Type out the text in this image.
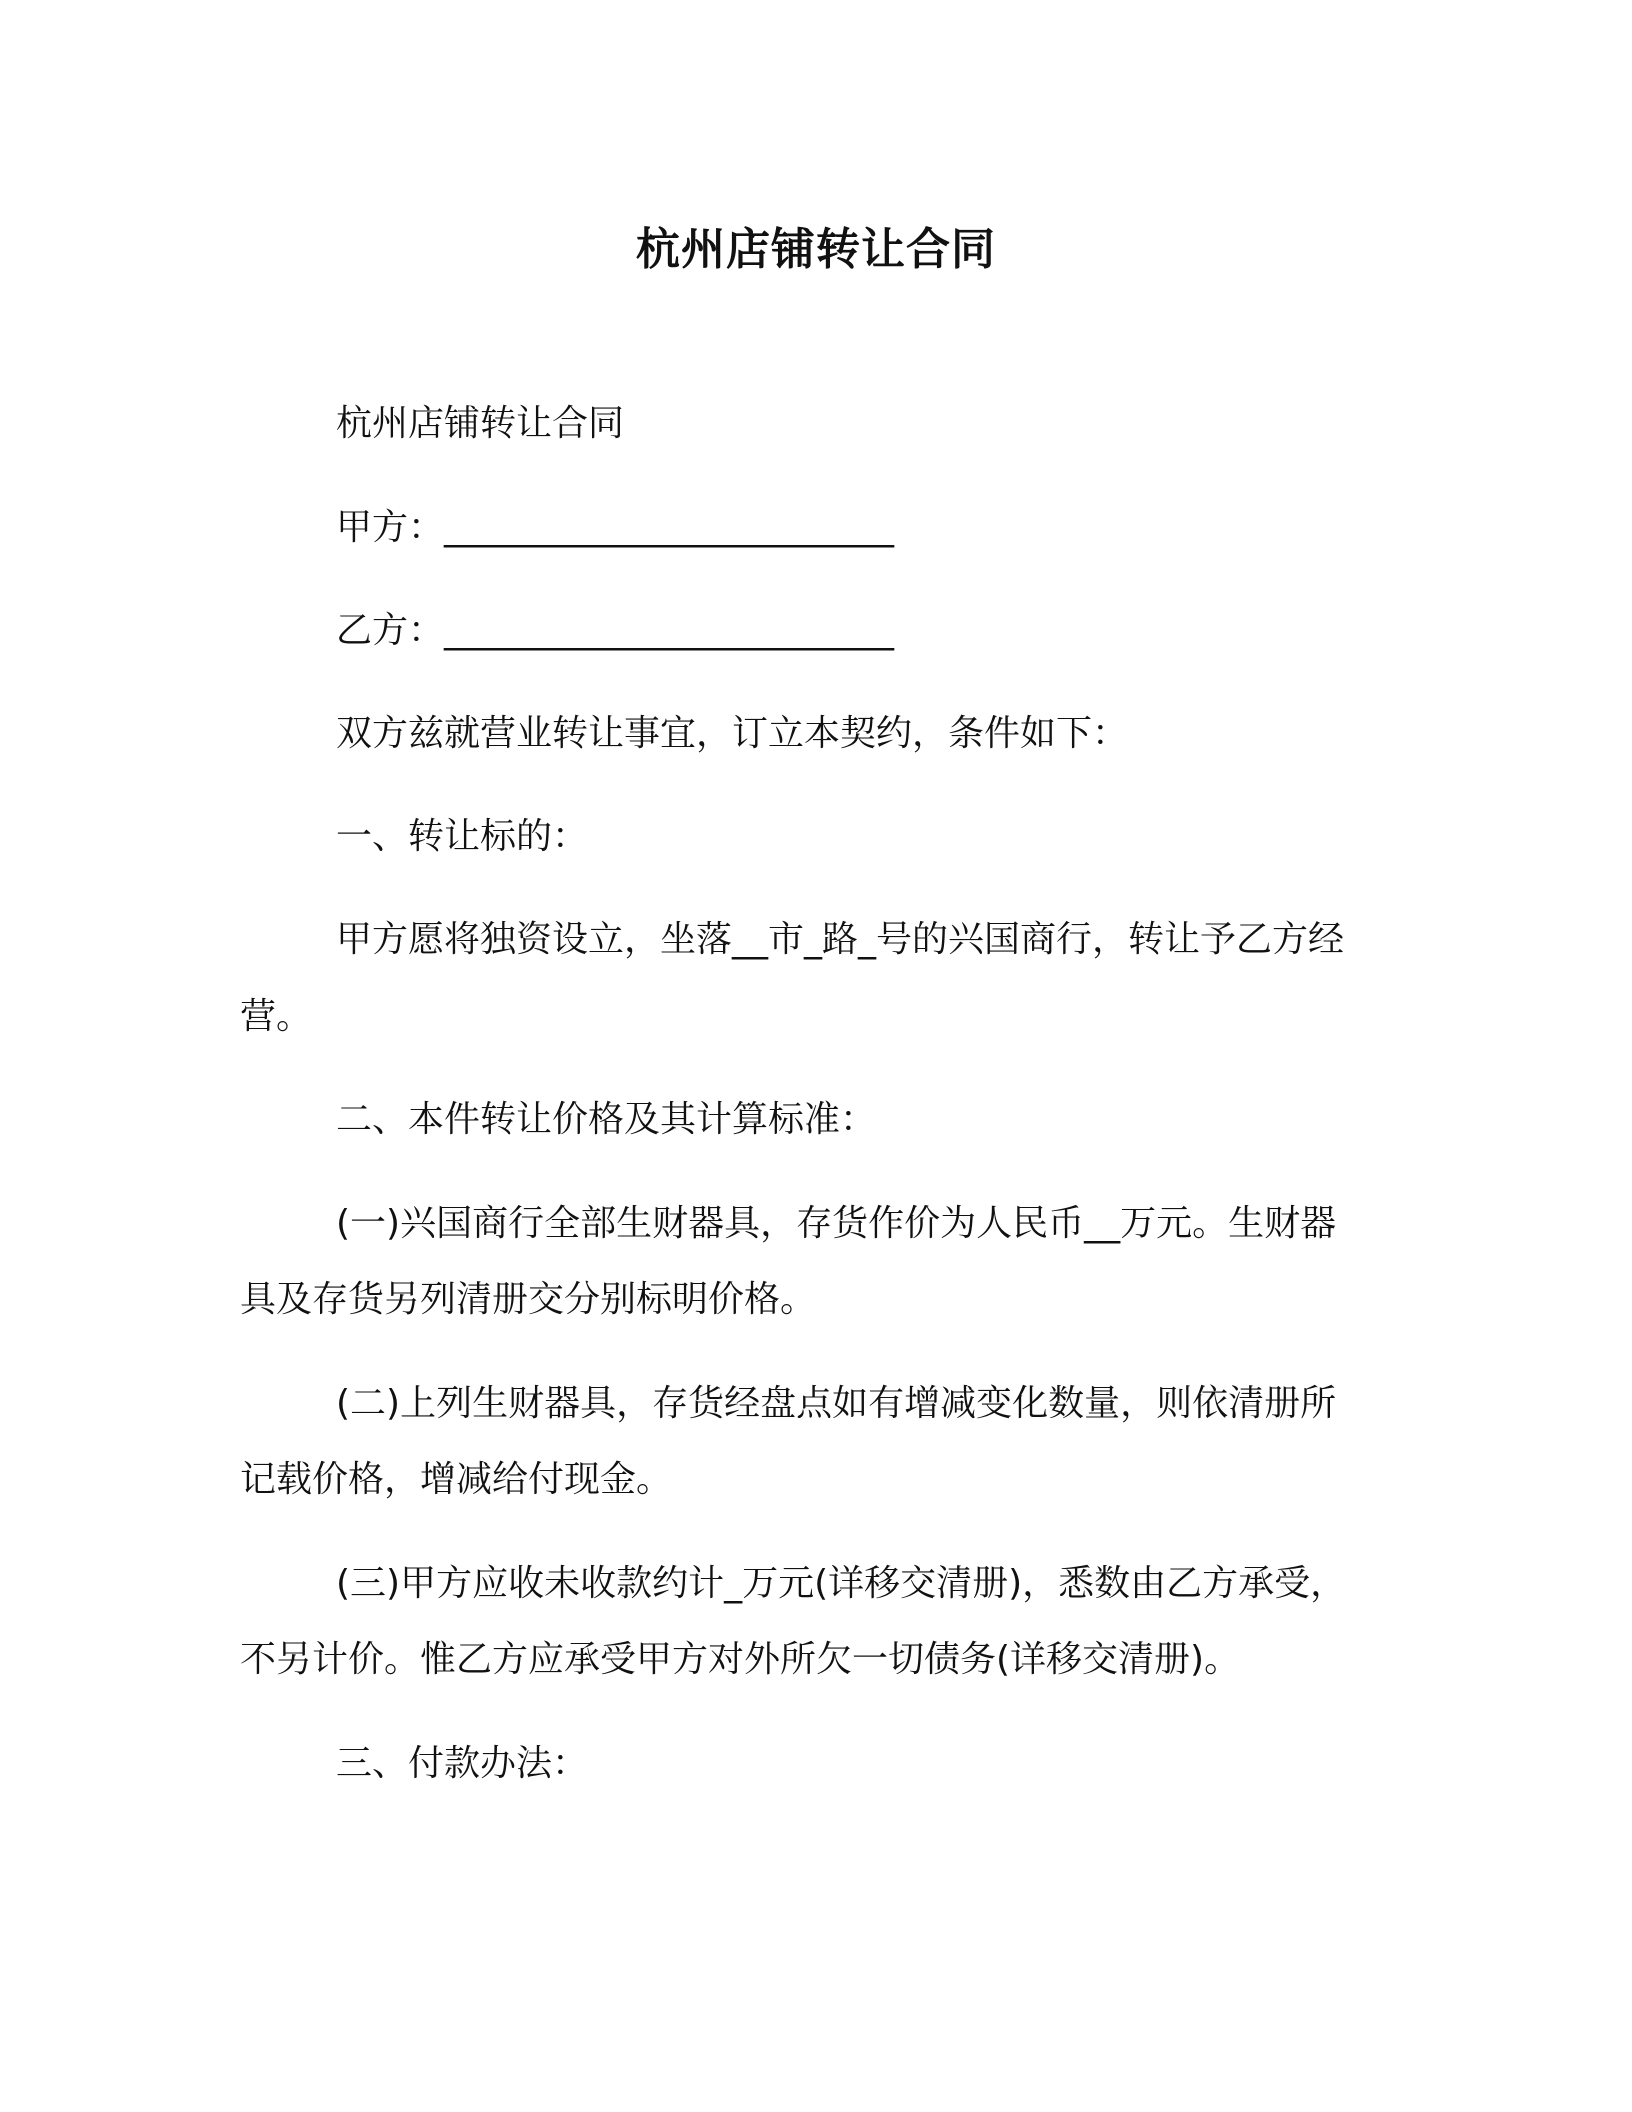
杭州店铺转让合同
杭州店铺转让合同
甲方：_________________________
乙方：_________________________
双方兹就营业转让事宜，订立本契约，条件如下：
一、转让标的：
甲方愿将独资设立，坐落__市_路_号的兴国商行，转让予乙方经
营。
二、本件转让价格及其计算标准：
(一)兴国商行全部生财器具，存货作价为人民币__万元。生财器
具及存货另列清册交分别标明价格。
(二)上列生财器具，存货经盘点如有增减变化数量，则依清册所
记载价格，增减给付现金。
(三)甲方应收未收款约计_万元(详移交清册)，悉数由乙方承受，
不另计价。惟乙方应承受甲方对外所欠一切债务(详移交清册)。
三、付款办法：
